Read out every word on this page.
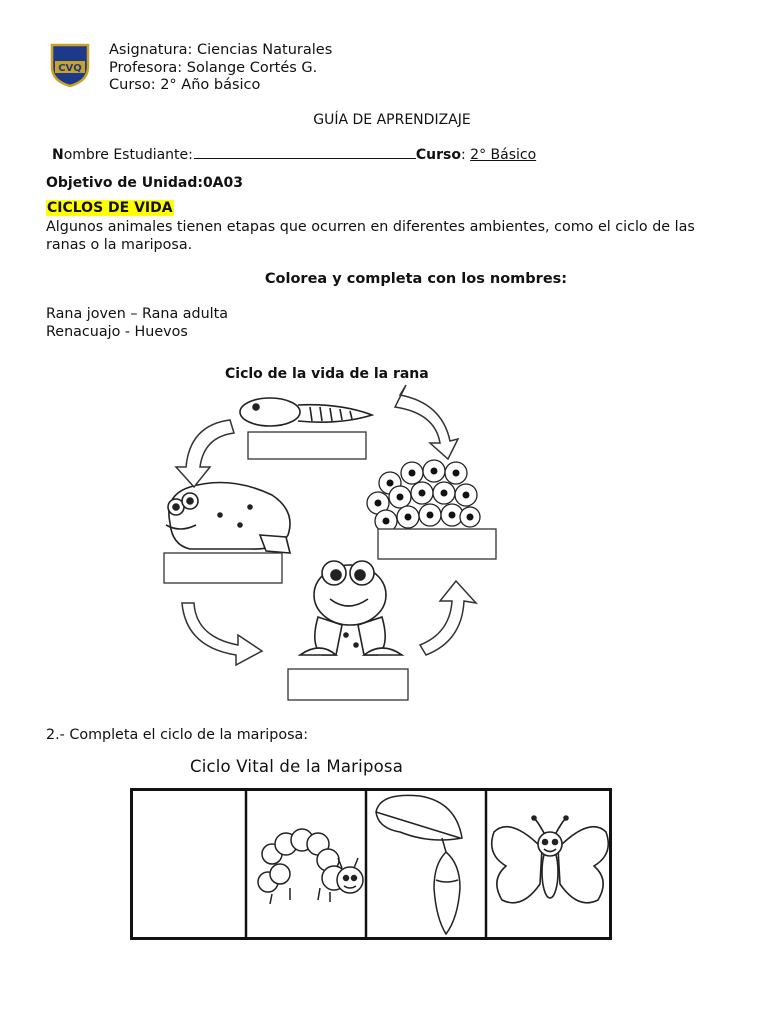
CVQ
Asignatura: Ciencias Naturales
Profesora: Solange Cortés G.
Curso: 2° Año básico
GUÍA DE APRENDIZAJE
Nombre Estudiante:	Curso: 2° Básico
Objetivo de Unidad:0A03
CICLOS DE VIDA
Algunos animales tienen etapas que ocurren en diferentes ambientes, como el ciclo de las ranas o la mariposa.
Colorea y completa con los nombres:
Rana joven – Rana adulta
Renacuajo - Huevos
Ciclo de la vida de la rana
2.- Completa el ciclo de la mariposa:
Ciclo Vital de la Mariposa
